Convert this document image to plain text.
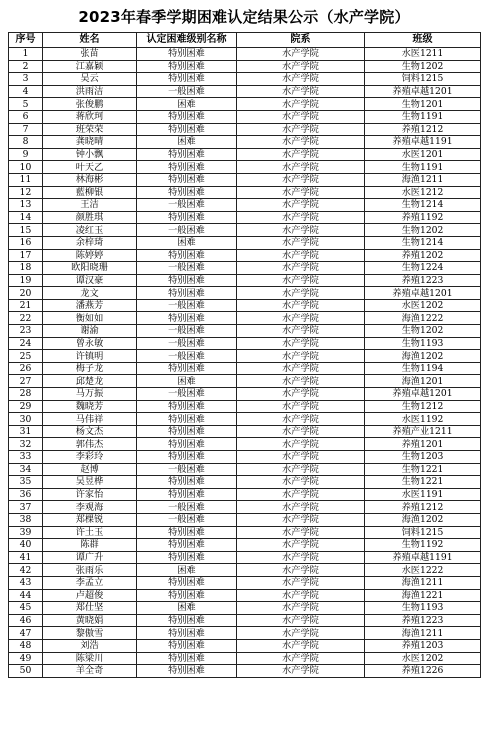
2023年春季学期困难认定结果公示（水产学院）
序号	姓名	认定困难级别名称	院系	班级
1	张苗	特别困难	水产学院	水医1211
2	江嘉颖	特别困难	水产学院	生物1202
3	吴云	特别困难	水产学院	饲料1215
4	洪雨洁	一般困难	水产学院	养殖卓越1201
5	张俊鹏	困难	水产学院	生物1201
6	蒋欣珂	特别困难	水产学院	生物1191
7	班荣荣	特别困难	水产学院	养殖1212
8	龚晓晴	困难	水产学院	养殖卓越1191
9	钟小飘	特别困难	水产学院	水医1201
10	叶天乙	特别困难	水产学院	生物1191
11	林海彬	特别困难	水产学院	海渔1211
12	藍柳银	特别困难	水产学院	水医1212
13	王洁	一般困难	水产学院	生物1214
14	颜胜琪	特别困难	水产学院	养殖1192
15	凌红玉	一般困难	水产学院	生物1202
16	余梓琦	困难	水产学院	生物1214
17	陈婷婷	特别困难	水产学院	养殖1202
18	欧阳晓珊	一般困难	水产学院	生物1224
19	谭汉豪	特别困难	水产学院	养殖1223
20	龙文	特别困难	水产学院	养殖卓越1201
21	潘燕芳	一般困难	水产学院	水医1202
22	衡如如	特别困难	水产学院	海渔1222
23	谢渝	一般困难	水产学院	生物1202
24	曾永敏	一般困难	水产学院	生物1193
25	许镇明	一般困难	水产学院	海渔1202
26	梅子龙	特别困难	水产学院	生物1194
27	邱楚龙	困难	水产学院	海渔1201
28	马万振	一般困难	水产学院	养殖卓越1201
29	魏晓芳	特别困难	水产学院	生物1212
30	马伟祥	特别困难	水产学院	水医1192
31	杨文杰	特别困难	水产学院	养殖产业1211
32	郭伟杰	特别困难	水产学院	养殖1201
33	李彩玲	特别困难	水产学院	生物1203
34	赵博	一般困难	水产学院	生物1221
35	吴昱桦	特别困难	水产学院	生物1221
36	许家怡	特别困难	水产学院	水医1191
37	李观海	一般困难	水产学院	养殖1212
38	郑棵锐	一般困难	水产学院	海渔1202
39	许土玉	特别困难	水产学院	饲料1215
40	陈群	特别困难	水产学院	生物1192
41	谭广升	特别困难	水产学院	养殖卓越1191
42	张雨乐	困难	水产学院	水医1222
43	李孟立	特别困难	水产学院	海渔1211
44	卢超俊	特别困难	水产学院	海渔1221
45	郑仕坚	困难	水产学院	生物1193
46	黄晓娟	特别困难	水产学院	养殖1223
47	黎傲雪	特别困难	水产学院	海渔1211
48	刘浩	特别困难	水产学院	养殖1203
49	陈梁川	特别困难	水产学院	水医1202
50	羊全奇	特别困难	水产学院	养殖1226
